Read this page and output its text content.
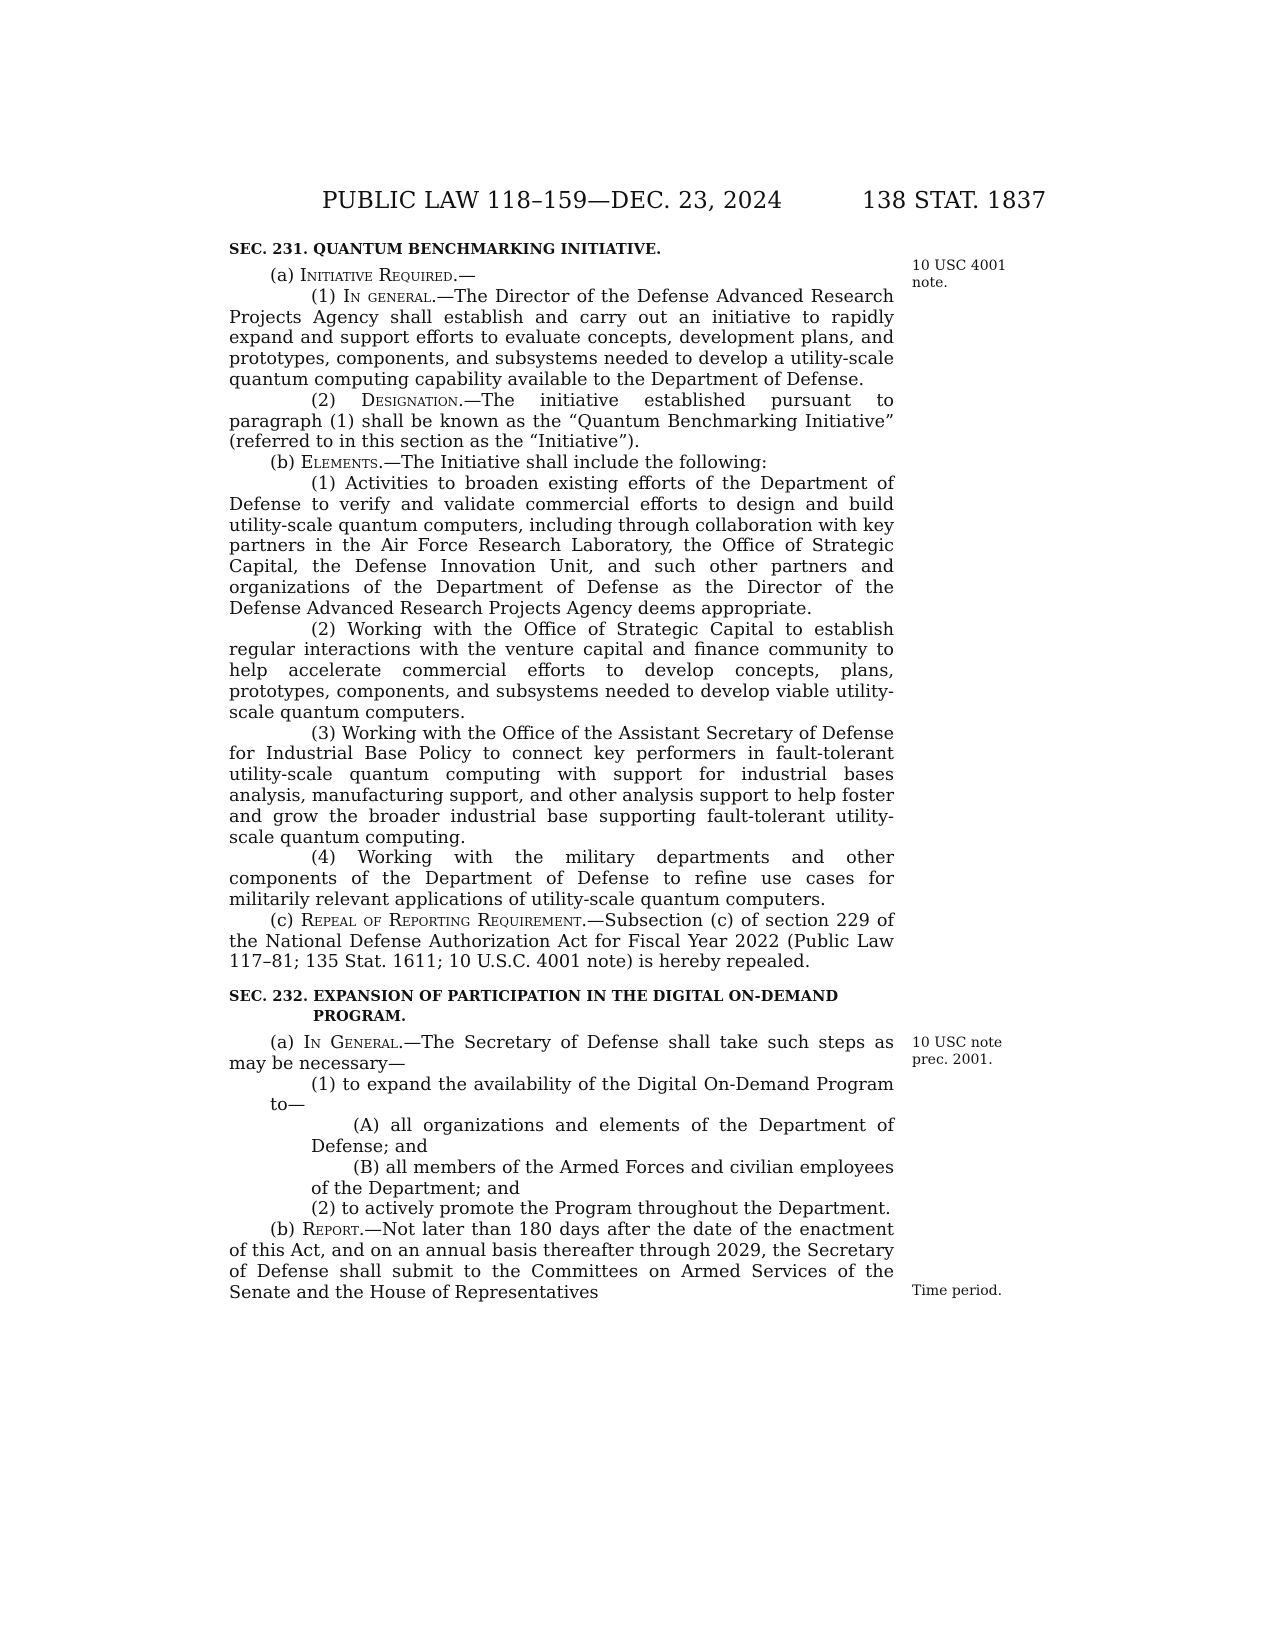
PUBLIC LAW 118–159—DEC. 23, 2024	138 STAT. 1837
10 USC 4001
note.
10 USC note
prec. 2001.
Time period.
SEC. 231. QUANTUM BENCHMARKING INITIATIVE.

(a) Initiative Required.—

(1) In general.—The Director of the Defense Advanced Research Projects Agency shall establish and carry out an initiative to rapidly expand and support efforts to evaluate concepts, development plans, and prototypes, components, and subsystems needed to develop a utility-scale quantum computing capability available to the Department of Defense.

(2) Designation.—The initiative established pursuant to paragraph (1) shall be known as the “Quantum Benchmarking Initiative” (referred to in this section as the “Initiative”).

(b) Elements.—The Initiative shall include the following:

(1) Activities to broaden existing efforts of the Department of Defense to verify and validate commercial efforts to design and build utility-scale quantum computers, including through collaboration with key partners in the Air Force Research Laboratory, the Office of Strategic Capital, the Defense Innovation Unit, and such other partners and organizations of the Department of Defense as the Director of the Defense Advanced Research Projects Agency deems appropriate.

(2) Working with the Office of Strategic Capital to establish regular interactions with the venture capital and finance community to help accelerate commercial efforts to develop concepts, plans, prototypes, components, and subsystems needed to develop viable utility-scale quantum computers.

(3) Working with the Office of the Assistant Secretary of Defense for Industrial Base Policy to connect key performers in fault-tolerant utility-scale quantum computing with support for industrial bases analysis, manufacturing support, and other analysis support to help foster and grow the broader industrial base supporting fault-tolerant utility-scale quantum computing.

(4) Working with the military departments and other components of the Department of Defense to refine use cases for militarily relevant applications of utility-scale quantum computers.

(c) Repeal of Reporting Requirement.—Subsection (c) of section 229 of the National Defense Authorization Act for Fiscal Year 2022 (Public Law 117–81; 135 Stat. 1611; 10 U.S.C. 4001 note) is hereby repealed.

SEC. 232. EXPANSION OF PARTICIPATION IN THE DIGITAL ON-DEMAND
PROGRAM.

(a) In General.—The Secretary of Defense shall take such steps as may be necessary—

(1) to expand the availability of the Digital On-Demand Program to—

(A) all organizations and elements of the Department of Defense; and

(B) all members of the Armed Forces and civilian employees of the Department; and

(2) to actively promote the Program throughout the Department.

(b) Report.—Not later than 180 days after the date of the enactment of this Act, and on an annual basis thereafter through 2029, the Secretary of Defense shall submit to the Committees on Armed Services of the Senate and the House of Representatives
